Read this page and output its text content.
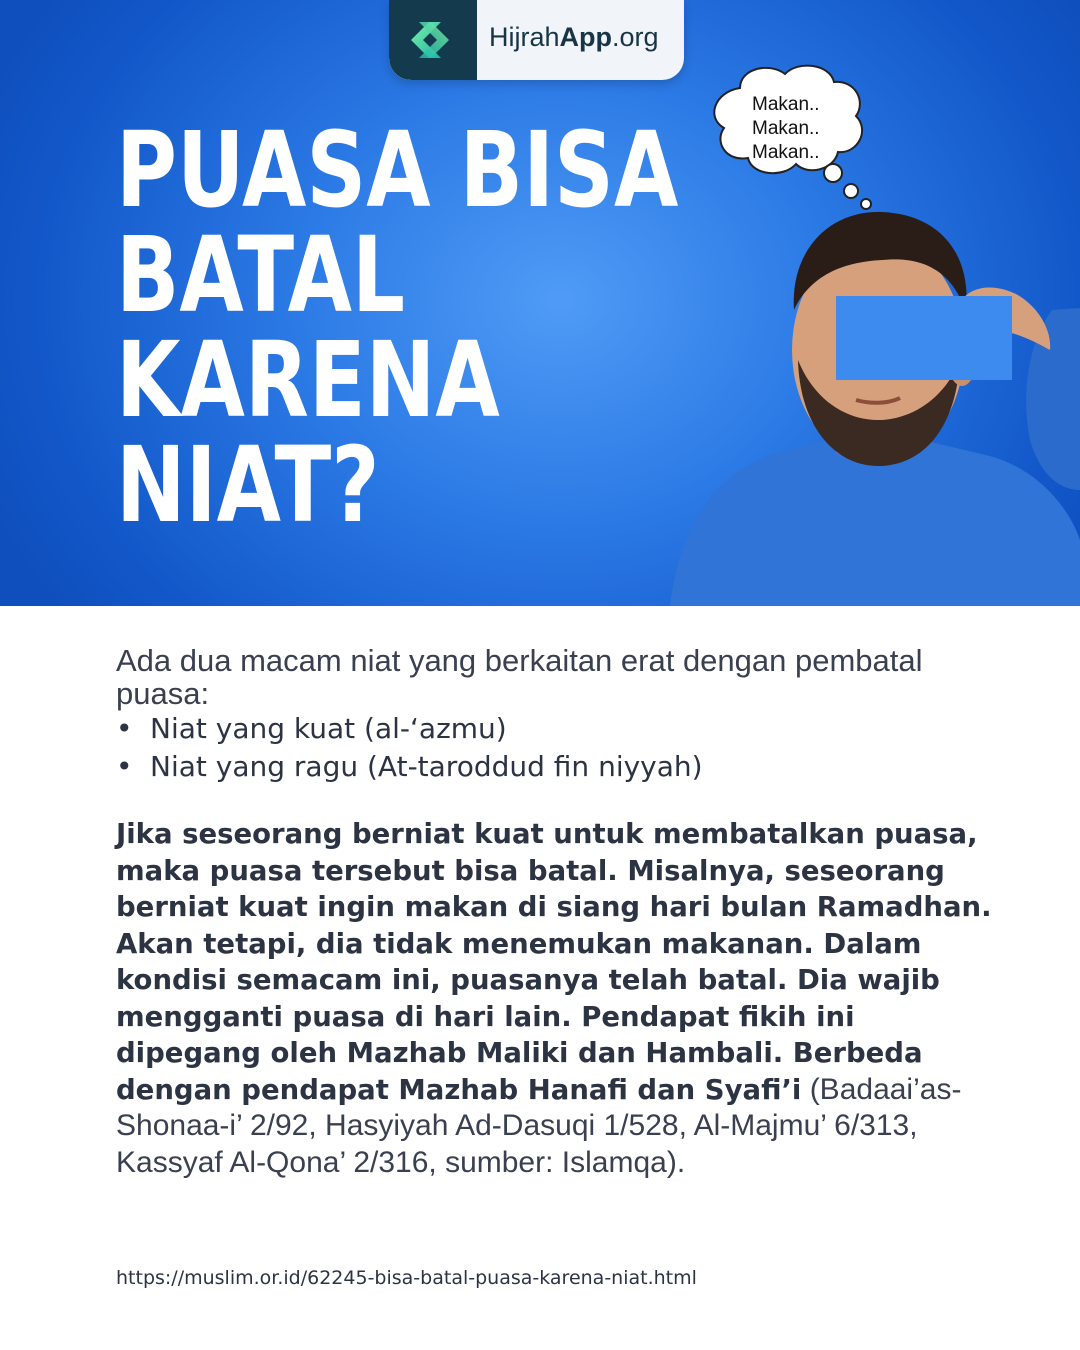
HijrahApp.org
PUASA BISA
BATAL
KARENA
NIAT?
Makan..
Makan..
Makan..

Ada dua macam niat yang berkaitan erat dengan pembatal puasa:

• Niat yang kuat (al-‘azmu)
• Niat yang ragu (At-taroddud fin niyyah)

Jika seseorang berniat kuat untuk membatalkan puasa, maka puasa tersebut bisa batal. Misalnya, seseorang berniat kuat ingin makan di siang hari bulan Ramadhan. Akan tetapi, dia tidak menemukan makanan. Dalam kondisi semacam ini, puasanya telah batal. Dia wajib mengganti puasa di hari lain. Pendapat fikih ini dipegang oleh Mazhab Maliki dan Hambali. Berbeda dengan pendapat Mazhab Hanafi dan Syafi’i (Badaai’as-Shonaa-i’ 2/92, Hasyiyah Ad-Dasuqi 1/528, Al-Majmu’ 6/313, Kassyaf Al-Qona’ 2/316, sumber: Islamqa).

https://muslim.or.id/62245-bisa-batal-puasa-karena-niat.html
